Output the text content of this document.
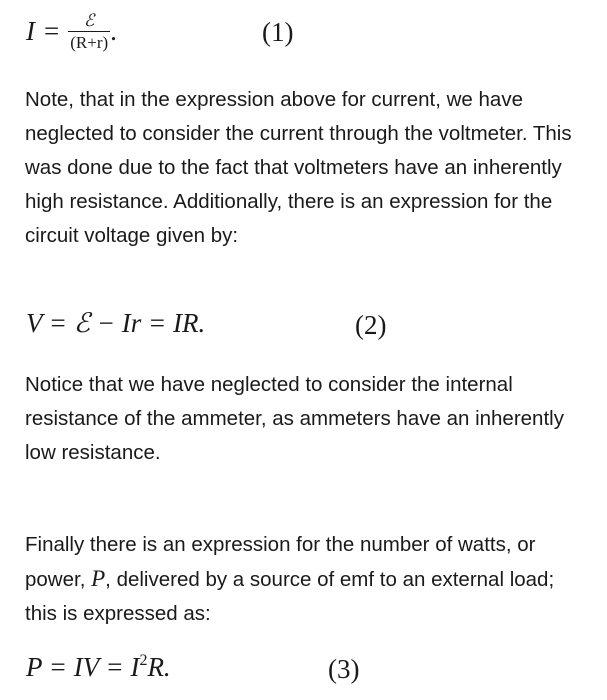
$I = \frac{\text{ℰ}}{(R+r)}$ .	(1)

Note, that in the expression above for current, we have neglected to consider the current through the voltmeter. This was done due to the fact that voltmeters have an inherently high resistance. Additionally, there is an expression for the circuit voltage given by:

V = ℰ − Ir = IR.	(2)

Notice that we have neglected to consider the internal resistance of the ammeter, as ammeters have an inherently low resistance.

Finally there is an expression for the number of watts, or power, P, delivered by a source of emf to an external load; this is expressed as:

P = IV = $I^2R$.	(3)
